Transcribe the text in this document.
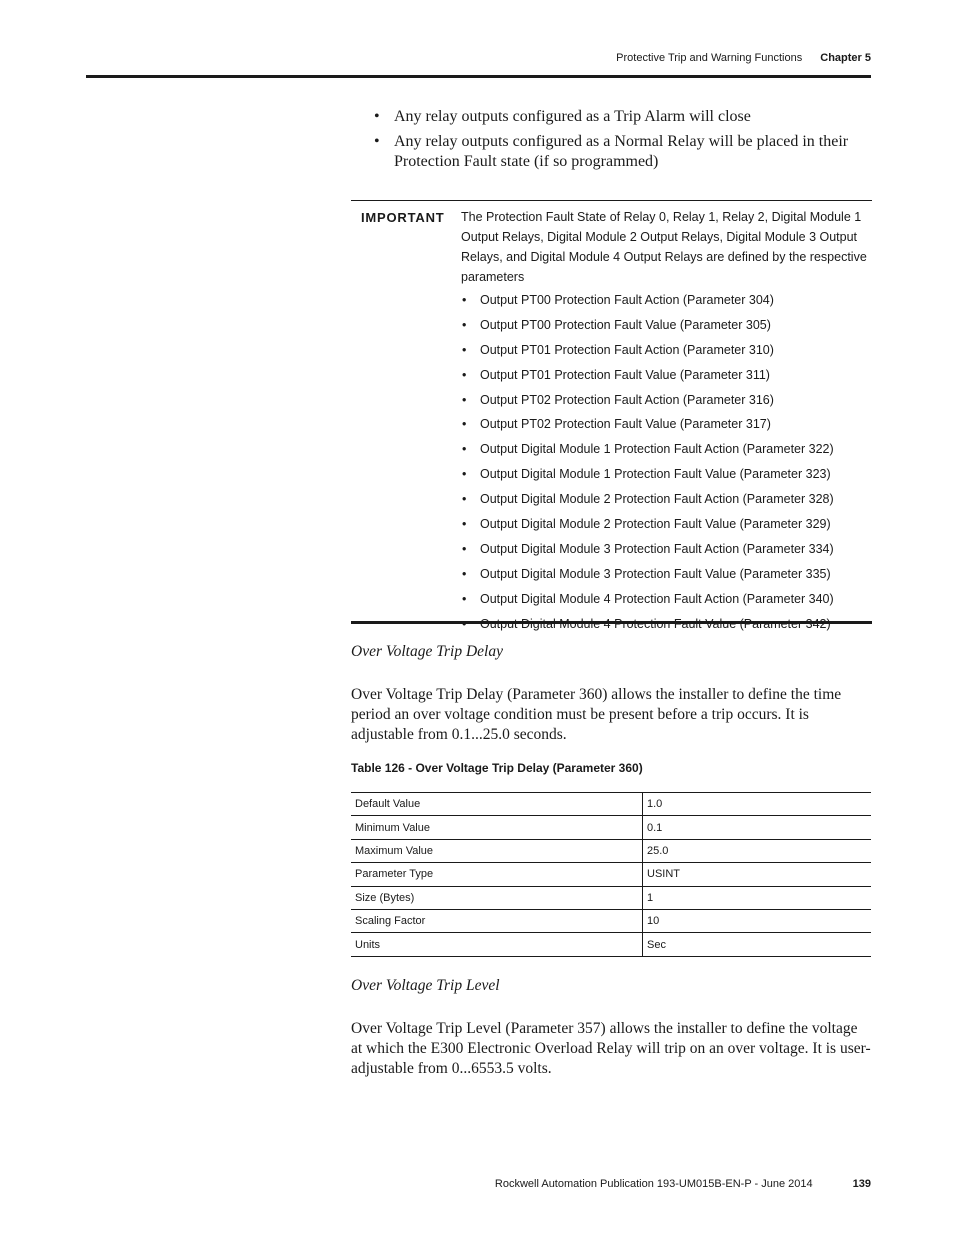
Protective Trip and Warning Functions Chapter 5
• Any relay outputs configured as a Trip Alarm will close
• Any relay outputs configured as a Normal Relay will be placed in their Protection Fault state (if so programmed)
IMPORTANT The Protection Fault State of Relay 0, Relay 1, Relay 2, Digital Module 1 Output Relays, Digital Module 2 Output Relays, Digital Module 3 Output Relays, and Digital Module 4 Output Relays are defined by the respective parameters

• Output PT00 Protection Fault Action (Parameter 304)
• Output PT00 Protection Fault Value (Parameter 305)
• Output PT01 Protection Fault Action (Parameter 310)
• Output PT01 Protection Fault Value (Parameter 311)
• Output PT02 Protection Fault Action (Parameter 316)
• Output PT02 Protection Fault Value (Parameter 317)
• Output Digital Module 1 Protection Fault Action (Parameter 322)
• Output Digital Module 1 Protection Fault Value (Parameter 323)
• Output Digital Module 2 Protection Fault Action (Parameter 328)
• Output Digital Module 2 Protection Fault Value (Parameter 329)
• Output Digital Module 3 Protection Fault Action (Parameter 334)
• Output Digital Module 3 Protection Fault Value (Parameter 335)
• Output Digital Module 4 Protection Fault Action (Parameter 340)
• Output Digital Module 4 Protection Fault Value (Parameter 342)
Over Voltage Trip Delay

Over Voltage Trip Delay (Parameter 360) allows the installer to define the time period an over voltage condition must be present before a trip occurs. It is adjustable from 0.1...25.0 seconds.

Table 126 - Over Voltage Trip Delay (Parameter 360)
Default Value	1.0
Minimum Value	0.1
Maximum Value	25.0
Parameter Type	USINT
Size (Bytes)	1
Scaling Factor	10
Units	Sec
Over Voltage Trip Level

Over Voltage Trip Level (Parameter 357) allows the installer to define the voltage at which the E300 Electronic Overload Relay will trip on an over voltage. It is user-adjustable from 0...6553.5 volts.

Rockwell Automation Publication 193-UM015B-EN-P - June 2014	139
